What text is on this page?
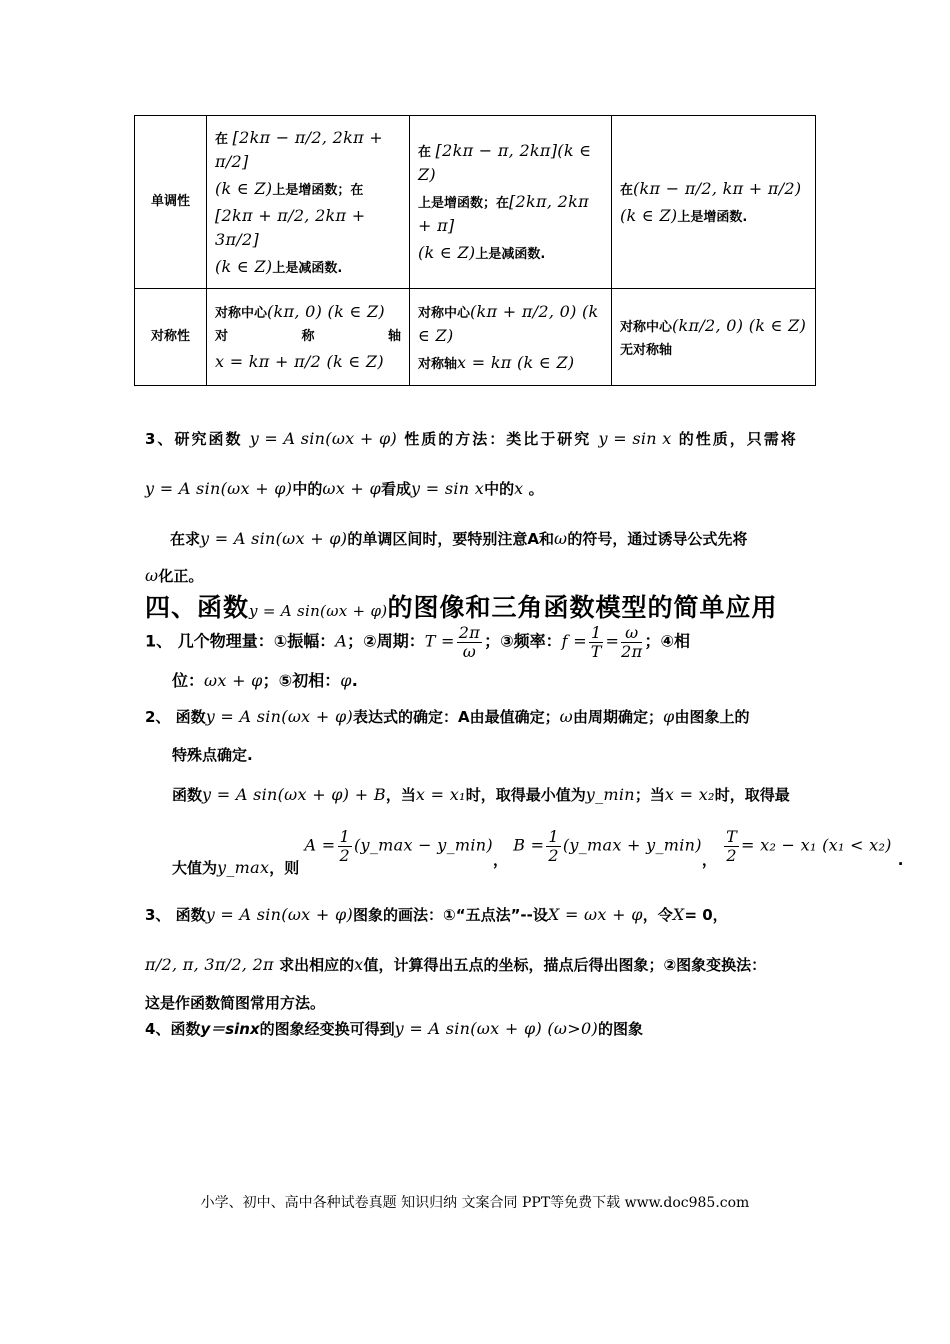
单调性	在 [2kπ − π/2, 2kπ + π/2]
(k ∈ Z)上是增函数；在
[2kπ + π/2, 2kπ + 3π/2]
(k ∈ Z)上是减函数.	在 [2kπ − π, 2kπ](k ∈ Z)
上是增函数；在[2kπ, 2kπ + π]
(k ∈ Z)上是减函数.	在(kπ − π/2, kπ + π/2)
(k ∈ Z)上是增函数.

对称性	对称中心(kπ, 0) (k ∈ Z)
对 称 轴
x = kπ + π/2 (k ∈ Z)	对称中心(kπ + π/2, 0) (k ∈ Z)
对称轴x = kπ (k ∈ Z)	对称中心(kπ/2, 0) (k ∈ Z)
无对称轴
3、研究函数 y = A sin(ωx + φ) 性质的方法：类比于研究 y = sin x 的性质，只需将
y = A sin(ωx + φ)中的ωx + φ看成y = sin x中的x 。
在求y = A sin(ωx + φ)的单调区间时，要特别注意A和ω的符号，通过诱导公式先将
ω化正。
四、函数y = A sin(ωx + φ)的图像和三角函数模型的简单应用
1、 几个物理量：①振幅：A；②周期：$T = \frac{2\pi}{\omega}$ ；③频率：$f = \frac{1}{T} = \frac{\omega}{2\pi}$ ；④相
位：ωx + φ；⑤初相：φ.
2、 函数y = A sin(ωx + φ)表达式的确定：A由最值确定；ω由周期确定；φ由图象上的
特殊点确定.
函数y = A sin(ωx + φ) + B，当x = x₁时，取得最小值为y_min；当x = x₂时，取得最
大值为y_max，则 $A = \frac{1}{2}$ (y_max − y_min)， $B = \frac{1}{2}$ (y_max + y_min)， $\frac{T}{2} = x_2 - x_1$ (x₁ < x₂).
3、 函数y = A sin(ωx + φ)图象的画法：①“五点法”--设X = ωx + φ，令X= 0，
π/2, π, 3π/2, 2π 求出相应的x值，计算得出五点的坐标，描点后得出图象；②图象变换法：
这是作函数简图常用方法。
4、函数y＝sinx的图象经变换可得到y = A sin(ωx + φ) (ω>0)的图象
小学、初中、高中各种试卷真题 知识归纳 文案合同 PPT等免费下载 www.doc985.com
